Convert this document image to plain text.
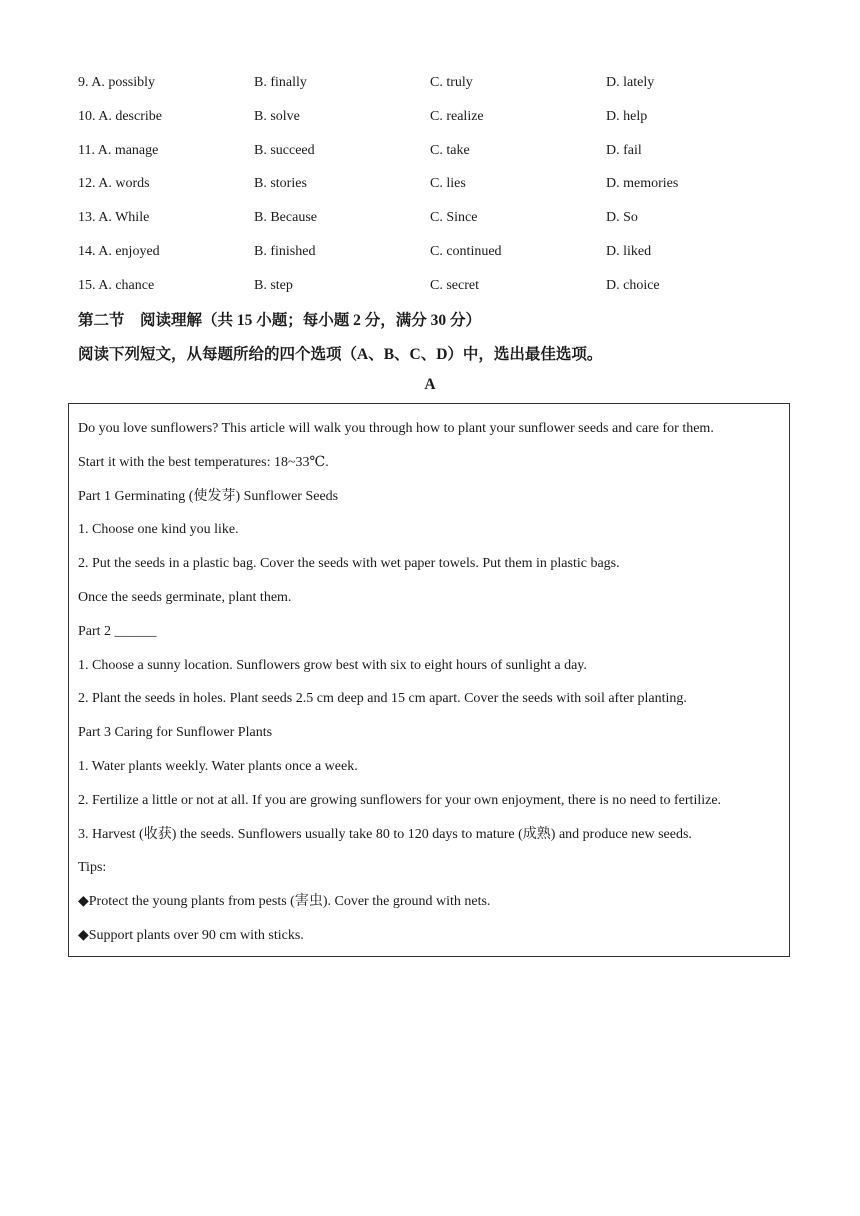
9. A. possibly	B. finally	C. truly	D. lately
10. A. describe	B. solve	C. realize	D. help
11. A. manage	B. succeed	C. take	D. fail
12. A. words	B. stories	C. lies	D. memories
13. A. While	B. Because	C. Since	D. So
14. A. enjoyed	B. finished	C. continued	D. liked
15. A. chance	B. step	C. secret	D. choice
第二节　阅读理解（共 15 小题；每小题 2 分，满分 30 分）
阅读下列短文，从每题所给的四个选项（A、B、C、D）中，选出最佳选项。
A
Do you love sunflowers? This article will walk you through how to plant your sunflower seeds and care for them.
Start it with the best temperatures: 18~33℃.
Part 1 Germinating (使发芽) Sunflower Seeds
1. Choose one kind you like.
2. Put the seeds in a plastic bag. Cover the seeds with wet paper towels. Put them in plastic bags.
Once the seeds germinate, plant them.
Part 2 ______
1. Choose a sunny location. Sunflowers grow best with six to eight hours of sunlight a day.
2. Plant the seeds in holes. Plant seeds 2.5 cm deep and 15 cm apart. Cover the seeds with soil after planting.
Part 3 Caring for Sunflower Plants
1. Water plants weekly. Water plants once a week.
2. Fertilize a little or not at all. If you are growing sunflowers for your own enjoyment, there is no need to fertilize.
3. Harvest (收获) the seeds. Sunflowers usually take 80 to 120 days to mature (成熟) and produce new seeds.
Tips:
◆Protect the young plants from pests (害虫). Cover the ground with nets.
◆Support plants over 90 cm with sticks.
